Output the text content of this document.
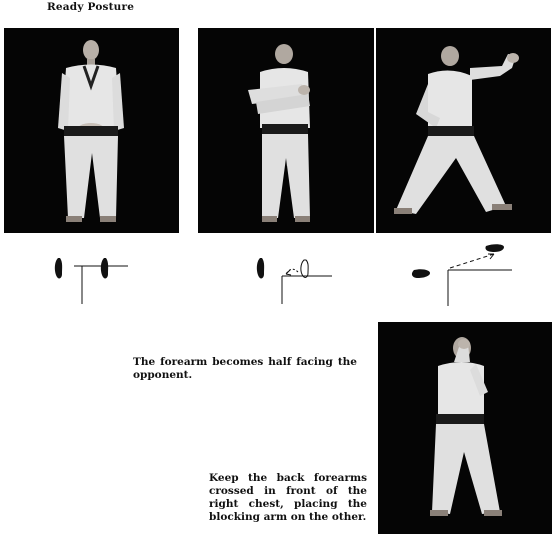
Ready Posture
The forearm becomes half facing the opponent.
Keep the back forearms crossed in front of the right chest, placing the blocking arm on the other.
